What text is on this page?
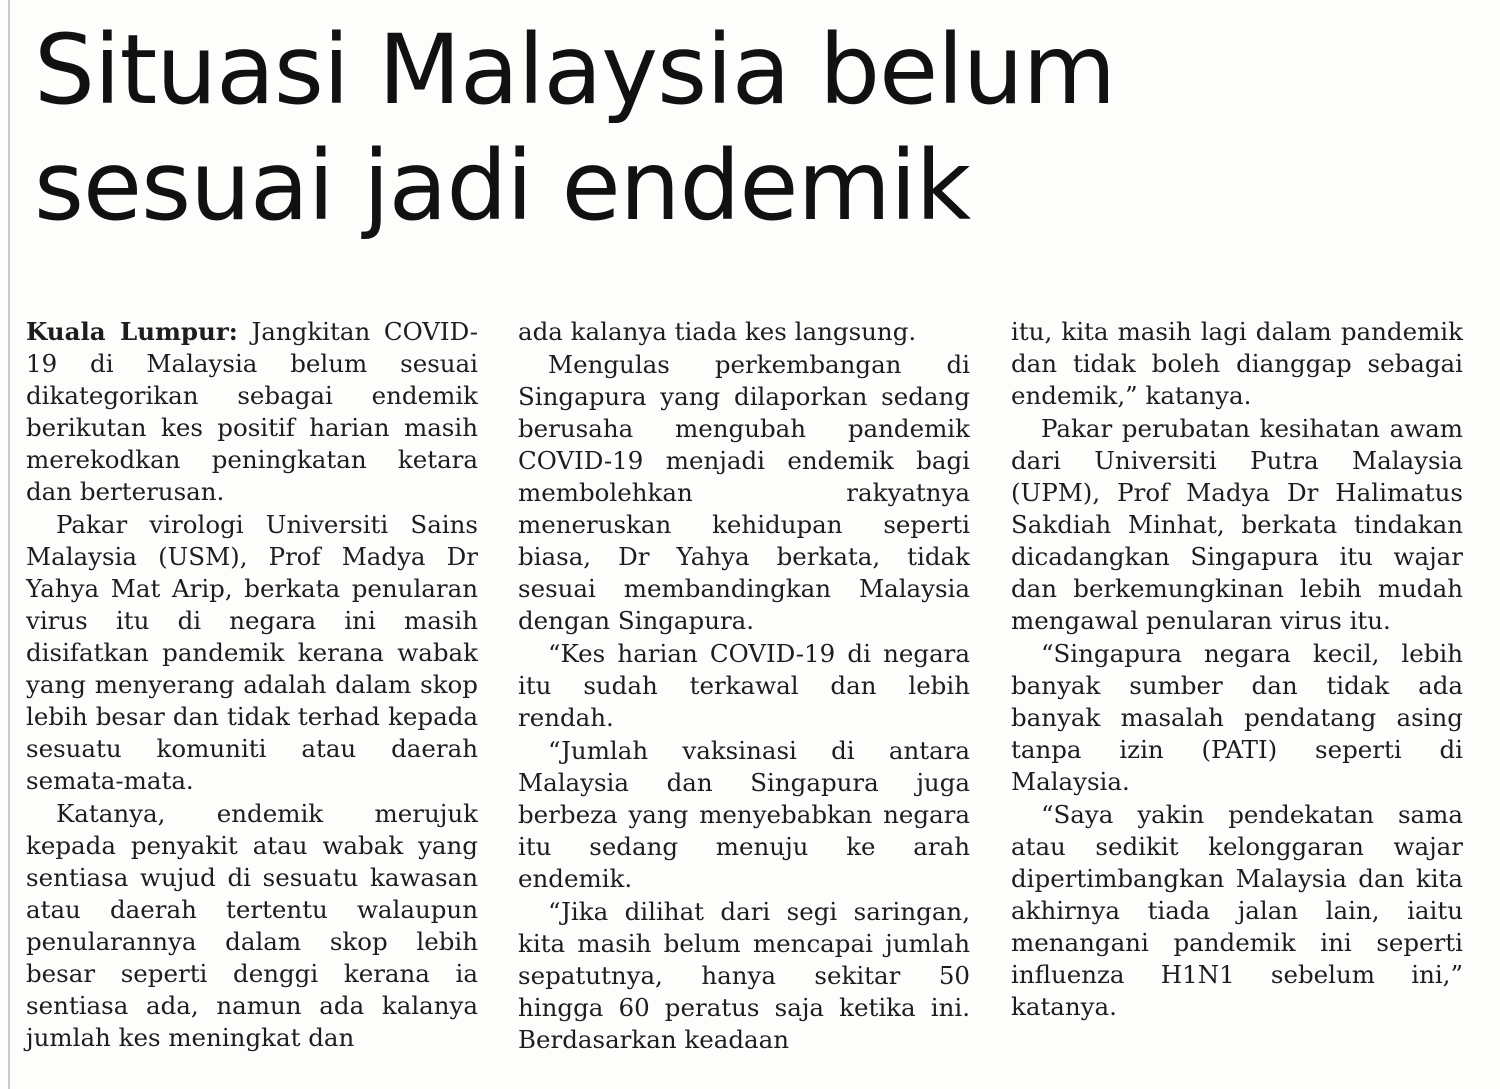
Situasi Malaysia belum
sesuai jadi endemik

Kuala Lumpur: Jangkitan COVID-19 di Malaysia belum sesuai dikategorikan sebagai endemik berikutan kes positif harian masih merekodkan peningkatan ketara dan berterusan.

Pakar virologi Universiti Sains Malaysia (USM), Prof Madya Dr Yahya Mat Arip, berkata penularan virus itu di negara ini masih disifatkan pandemik kerana wabak yang menyerang adalah dalam skop lebih besar dan tidak terhad kepada sesuatu komuniti atau daerah semata-mata.

Katanya, endemik merujuk kepada penyakit atau wabak yang sentiasa wujud di sesuatu kawasan atau daerah tertentu walaupun penularannya dalam skop lebih besar seperti denggi kerana ia sentiasa ada, namun ada kalanya jumlah kes meningkat dan

ada kalanya tiada kes langsung.

Mengulas perkembangan di Singapura yang dilaporkan sedang berusaha mengubah pandemik COVID-19 menjadi endemik bagi membolehkan rakyatnya meneruskan kehidupan seperti biasa, Dr Yahya berkata, tidak sesuai membandingkan Malaysia dengan Singapura.

“Kes harian COVID-19 di negara itu sudah terkawal dan lebih rendah.

“Jumlah vaksinasi di antara Malaysia dan Singapura juga berbeza yang menyebabkan negara itu sedang menuju ke arah endemik.

“Jika dilihat dari segi saringan, kita masih belum mencapai jumlah sepatutnya, hanya sekitar 50 hingga 60 peratus saja ketika ini. Berdasarkan keadaan

itu, kita masih lagi dalam pandemik dan tidak boleh dianggap sebagai endemik,” katanya.

Pakar perubatan kesihatan awam dari Universiti Putra Malaysia (UPM), Prof Madya Dr Halimatus Sakdiah Minhat, berkata tindakan dicadangkan Singapura itu wajar dan berkemungkinan lebih mudah mengawal penularan virus itu.

“Singapura negara kecil, lebih banyak sumber dan tidak ada banyak masalah pendatang asing tanpa izin (PATI) seperti di Malaysia.

“Saya yakin pendekatan sama atau sedikit kelonggaran wajar dipertimbangkan Malaysia dan kita akhirnya tiada jalan lain, iaitu menangani pandemik ini seperti influenza H1N1 sebelum ini,” katanya.
